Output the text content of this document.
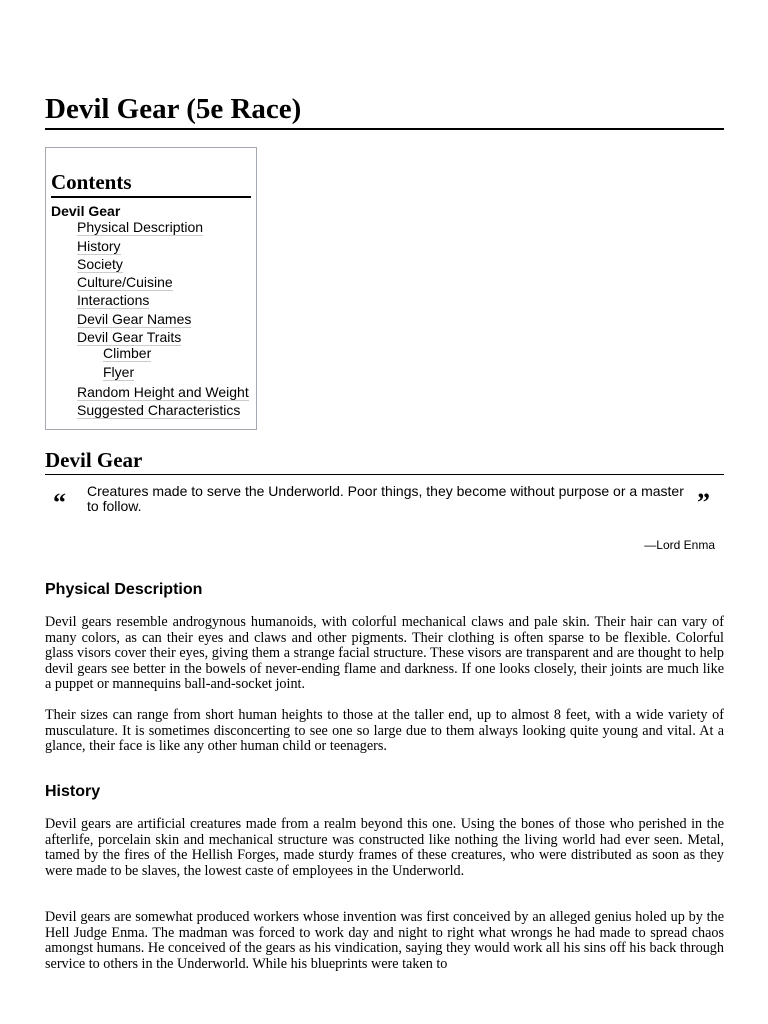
Devil Gear (5e Race)
Contents
Devil Gear
Physical Description
History
Society
Culture/Cuisine
Interactions
Devil Gear Names
Devil Gear Traits
Climber
Flyer
Random Height and Weight
Suggested Characteristics
Devil Gear
“ Creatures made to serve the Underworld. Poor things, they become without purpose or a master to follow.	”
—Lord Enma
Physical Description

Devil gears resemble androgynous humanoids, with colorful mechanical claws and pale skin. Their hair can vary of many colors, as can their eyes and claws and other pigments. Their clothing is often sparse to be flexible. Colorful glass visors cover their eyes, giving them a strange facial structure. These visors are transparent and are thought to help devil gears see better in the bowels of never-ending flame and darkness. If one looks closely, their joints are much like a puppet or mannequins ball-and-socket joint.

Their sizes can range from short human heights to those at the taller end, up to almost 8 feet, with a wide variety of musculature. It is sometimes disconcerting to see one so large due to them always looking quite young and vital. At a glance, their face is like any other human child or teenagers.

History

Devil gears are artificial creatures made from a realm beyond this one. Using the bones of those who perished in the afterlife, porcelain skin and mechanical structure was constructed like nothing the living world had ever seen. Metal, tamed by the fires of the Hellish Forges, made sturdy frames of these creatures, who were distributed as soon as they were made to be slaves, the lowest caste of employees in the Underworld.

Devil gears are somewhat produced workers whose invention was first conceived by an alleged genius holed up by the Hell Judge Enma. The madman was forced to work day and night to right what wrongs he had made to spread chaos amongst humans. He conceived of the gears as his vindication, saying they would work all his sins off his back through service to others in the Underworld. While his blueprints were taken to
